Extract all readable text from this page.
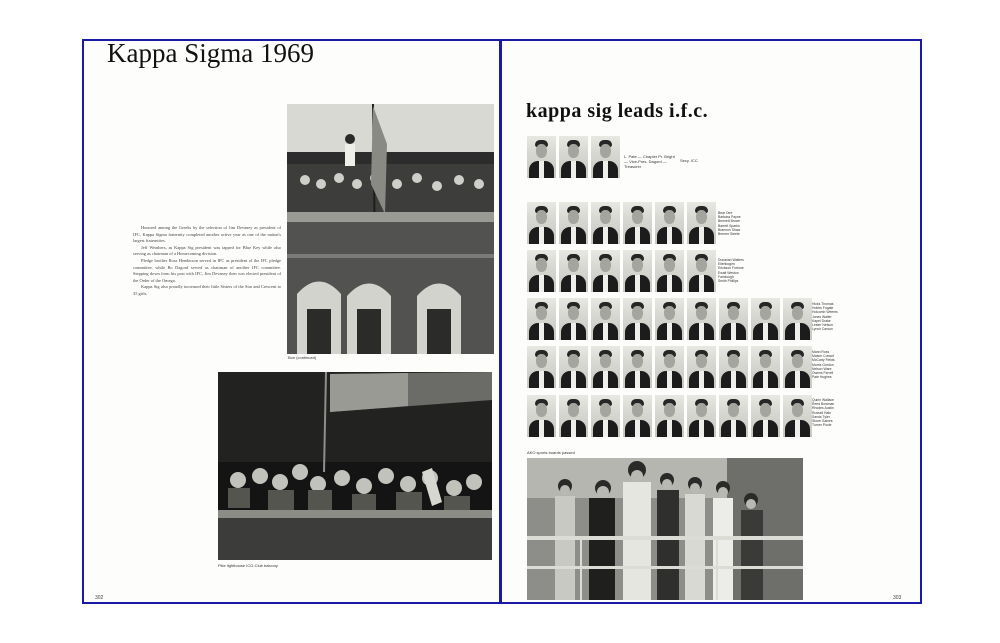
Kappa Sigma 1969

Honored among the Greeks by the selection of Jim Devaney as president of IFC, Kappa Sigma fraternity completed another active year as one of the nation's largest fraternities.

Jeff Weathers, as Kappa Sig president was tapped for Blue Key while also serving as chairman of a Homecoming division.

Pledge brother Ross Henderson served in IFC as president of the IFC pledge committee, while Bo Dagord served as chairman of another IFC committee. Stepping down from his post with IFC, Jim Devaney then was elected president of the Order of the Omega.

Kappa Sig also proudly increased their little Sisters of the Star and Crescent to 35 girls.

Bun (continued)
Pike lighthouse ICO-Club balcony.
302
kappa sig leads i.f.c.
L. Pate — Chapter Pr. Bright — Vice-Pres. Dagord — Treasurer
Secy. ICC
Bear Dee
Barbara Payne
Bennett Brown
Barrett Sparks
Brannon Shaw
Bremer Steele
Dunavan Walters
Ellenbogen
Erickson Fortune
Ewalt Weston
Fairclough
Smith Phillips
Hicks Thomas
Hobbs Fugate
Holcomb Weems
Jones Walter
Kapel Drake
Lester Nelson
Lynch Carson
Mann Ross
Mason Cowart
McCarty Fields
Morris Gordon
Nelson Ware
Owens Ferrell
Pate Hughes
Quinn Wallace
Reed Bowman
Rhodes Austin
Russell Hale
Sands Tyler
Stone Gaines
Turner Poole
AKO sports boards passed
303
